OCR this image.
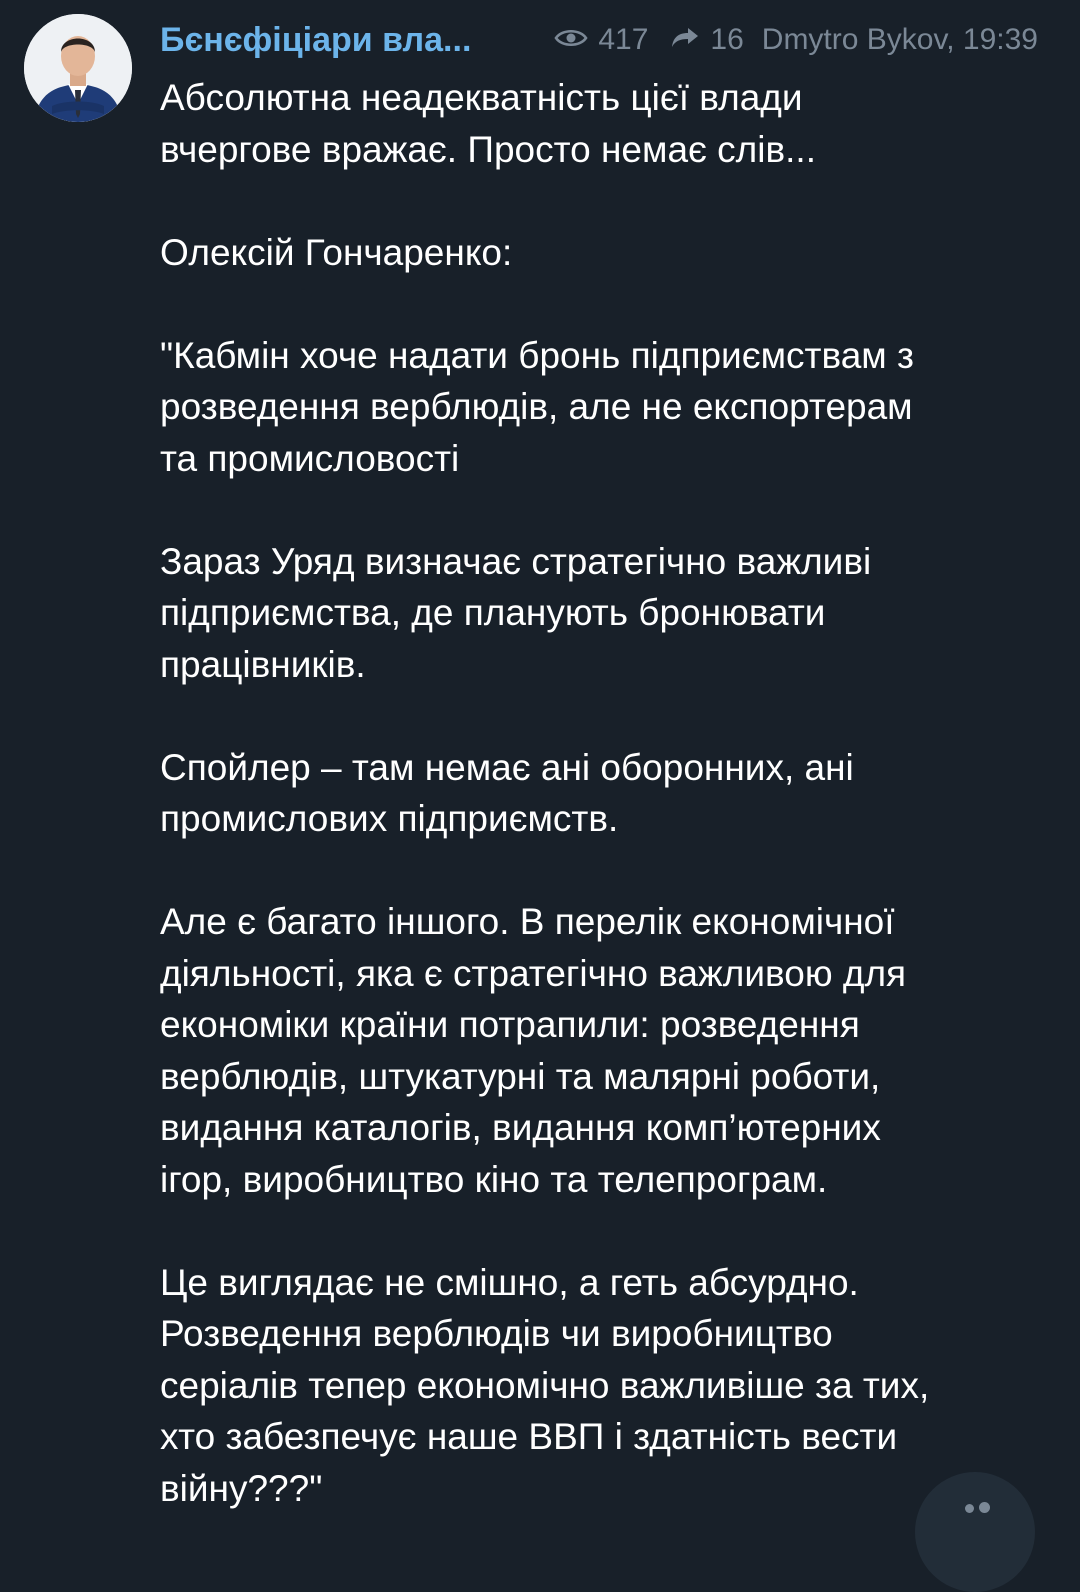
Бєнєфіціари вла...	417 16 Dmytro Bykov, 19:39

Абсолютна неадекватність цієї влади
вчергове вражає. Просто немає слів...

Олексій Гончаренко:

"Кабмін хоче надати бронь підприємствам з
розведення верблюдів, але не експортерам
та промисловості

Зараз Уряд визначає стратегічно важливі
підприємства, де планують бронювати
працівників.

Спойлер – там немає ані оборонних, ані
промислових підприємств.

Але є багато іншого. В перелік економічної
діяльності, яка є стратегічно важливою для
економіки країни потрапили: розведення
верблюдів, штукатурні та малярні роботи,
видання каталогів, видання комп’ютерних
ігор, виробництво кіно та телепрограм.

Це виглядає не смішно, а геть абсурдно.
Розведення верблюдів чи виробництво
серіалів тепер економічно важливіше за тих,
хто забезпечує наше ВВП і здатність вести
війну???"
